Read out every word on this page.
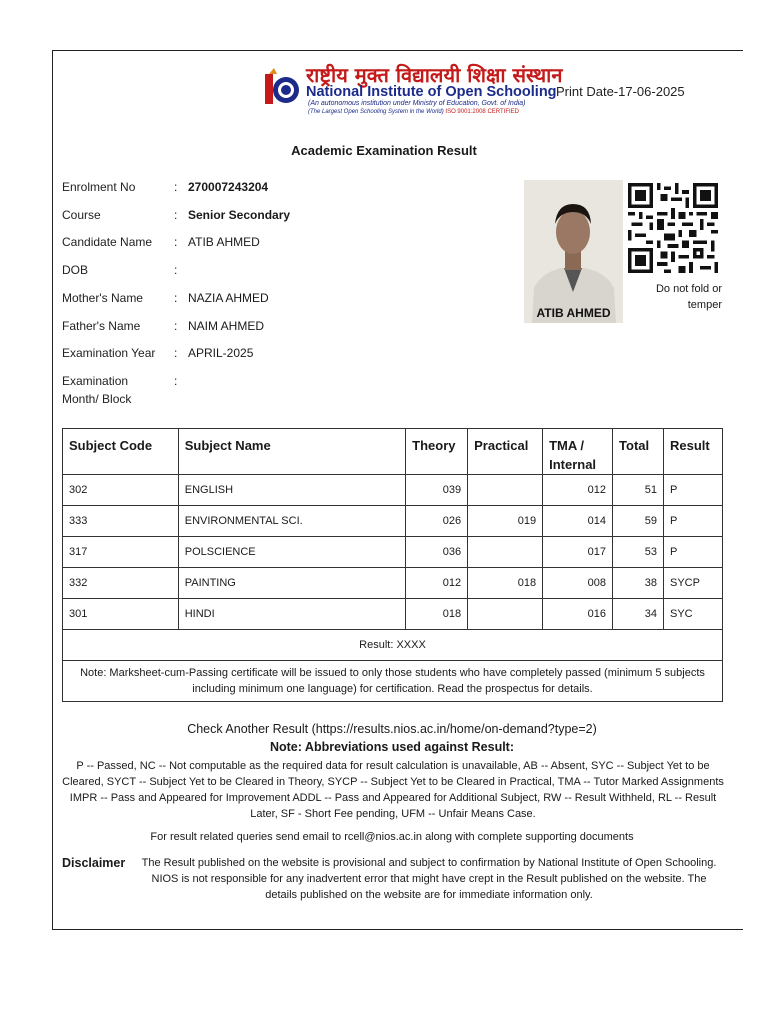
राष्ट्रीय मुक्त विद्यालयी शिक्षा संस्थान
National Institute of Open Schooling
(An autonomous institution under Ministry of Education, Govt. of India)
(The Largest Open Schooling System in the World) ISO 9001:2008 CERTIFIED
Print Date-17-06-2025
Academic Examination Result
Enrolment No	: 270007243204
Course	: Senior Secondary
Candidate Name	: ATIB AHMED
DOB	:
Mother's Name	: NAZIA AHMED
Father's Name	: NAIM AHMED
Examination Year	: APRIL-2025
Examination Month/ Block
:
ATIB AHMED
Do not fold or temper
Subject Code	Subject Name	Theory	Practical	TMA / Internal	Total	Result
302	ENGLISH	039		012	51	P
333	ENVIRONMENTAL SCI.	026	019	014	59	P
317	POLSCIENCE	036		017	53	P
332	PAINTING	012	018	008	38	SYCP
301	HINDI	018		016	34	SYC
Result: XXXX						
Note: Marksheet-cum-Passing certificate will be issued to only those students who have completely passed (minimum 5 subjects including minimum one language) for certification. Read the prospectus for details.						
Check Another Result (https://results.nios.ac.in/home/on-demand?type=2)
Note: Abbreviations used against Result:
P -- Passed, NC -- Not computable as the required data for result calculation is unavailable, AB -- Absent, SYC -- Subject Yet to be Cleared, SYCT -- Subject Yet to be Cleared in Theory, SYCP -- Subject Yet to be Cleared in Practical, TMA -- Tutor Marked Assignments IMPR -- Pass and Appeared for Improvement ADDL -- Pass and Appeared for Additional Subject, RW -- Result Withheld, RL -- Result Later, SF - Short Fee pending, UFM -- Unfair Means Case.
For result related queries send email to rcell@nios.ac.in along with complete supporting documents
Disclaimer	The Result published on the website is provisional and subject to confirmation by National Institute of Open Schooling. NIOS is not responsible for any inadvertent error that might have crept in the Result published on the website. The details published on the website are for immediate information only.
